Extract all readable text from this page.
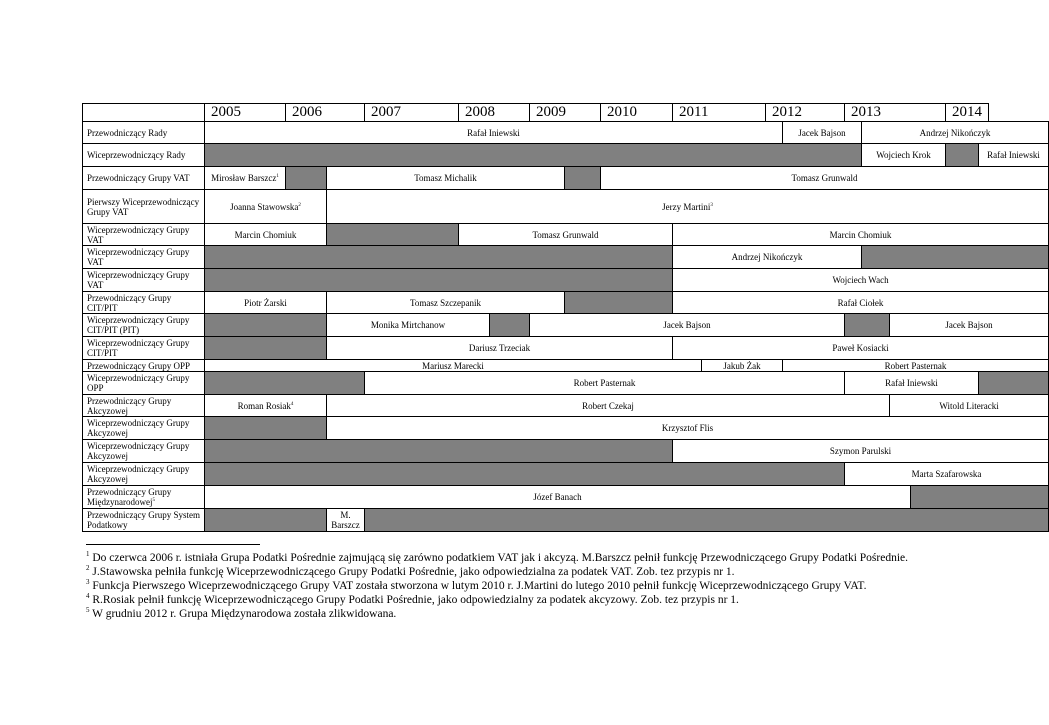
	2005	2006		2007	2008		2009		2010	2011		2012		2013				2014	
Przewodniczący Rady	Rafał Iniewski												Jacek Bajson		Andrzej Nikończyk				
Wiceprzewodniczący Rady															Wojciech Krok				Rafał Iniewski
Przewodniczący Grupy VAT	Mirosław Barszcz$^1$		Tomasz Michalik						Tomasz Grunwald										
Pierwszy Wiceprzewodniczący Grupy VAT	Joanna Stawowska$^2$		Jerzy Martini$^3$
Wiceprzewodniczący Grupy VAT	Marcin Chomiuk				Tomasz Grunwald					Marcin Chomiuk									
Wiceprzewodniczący Grupy VAT										Andrzej Nikończyk									
Wiceprzewodniczący Grupy VAT										Wojciech Wach									
Przewodniczący Grupy CIT/PIT	Piotr Żarski		Tomasz Szczepanik							Rafał Ciołek									
Wiceprzewodniczący Grupy CIT/PIT (PIT)			Monika Mirtchanow				Jacek Bajson									Jacek Bajson			
Wiceprzewodniczący Grupy CIT/PIT			Dariusz Trzeciak							Paweł Kosiacki									
Przewodniczący Grupy OPP	Mariusz Marecki										Jakub Żak		Robert Pasternak						
Wiceprzewodniczący Grupy OPP				Robert Pasternak										Rafał Iniewski					
Przewodniczący Grupy Akcyzowej	Roman Rosiak$^4$		Robert Czekaj													Witold Literacki			
Wiceprzewodniczący Grupy Akcyzowej			Krzysztof Flis																
Wiceprzewodniczący Grupy Akcyzowej										Szymon Parulski									
Wiceprzewodniczący Grupy Akcyzowej														Marta Szafarowska					
Przewodniczący Grupy Międzynarodowej$^5$	Józef Banach																		
Przewodniczący Grupy System Podatkowy			M. Barszcz																

$^1$ Do czerwca 2006 r. istniała Grupa Podatki Pośrednie zajmującą się zarówno podatkiem VAT jak i akcyzą. M.Barszcz pełnił funkcję Przewodniczącego Grupy Podatki Pośrednie.

$^2$ J.Stawowska pełniła funkcję Wiceprzewodniczącego Grupy Podatki Pośrednie, jako odpowiedzialna za podatek VAT. Zob. tez przypis nr 1.

$^3$ Funkcja Pierwszego Wiceprzewodniczącego Grupy VAT została stworzona w lutym 2010 r. J.Martini do lutego 2010 pełnił funkcję Wiceprzewodniczącego Grupy VAT.

$^4$ R.Rosiak pełnił funkcję Wiceprzewodniczącego Grupy Podatki Pośrednie, jako odpowiedzialny za podatek akcyzowy. Zob. tez przypis nr 1.

$^5$ W grudniu 2012 r. Grupa Międzynarodowa została zlikwidowana.
